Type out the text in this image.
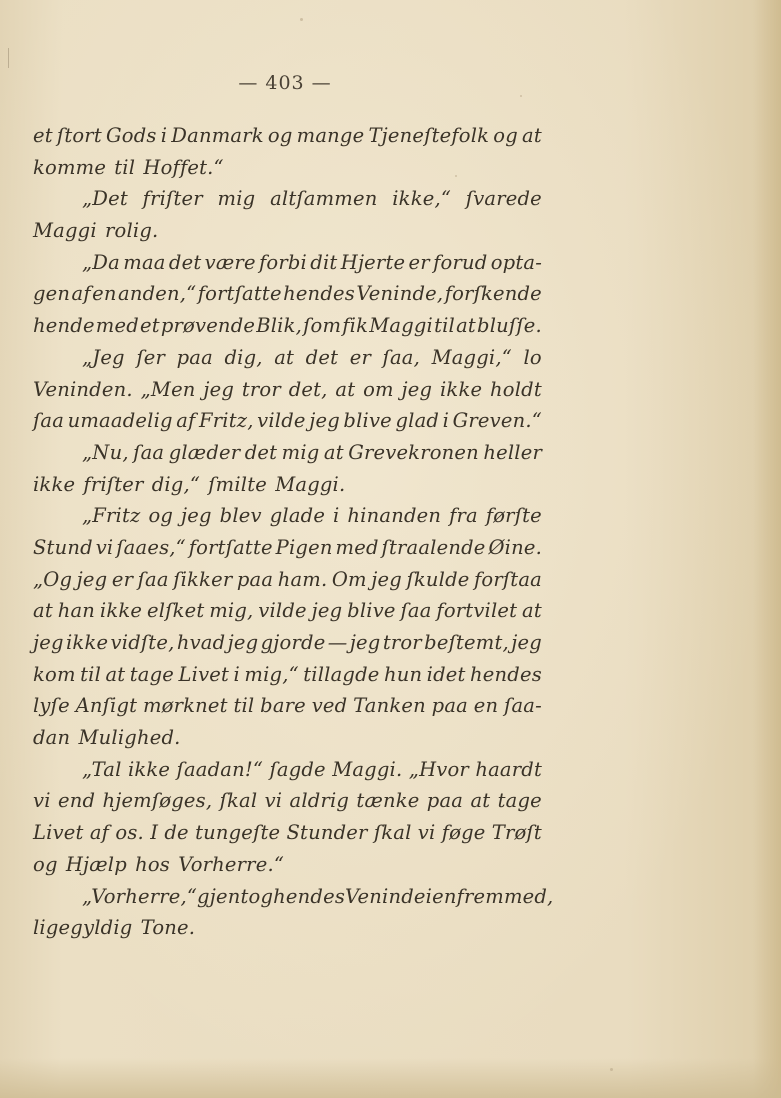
— 403 —
et ſtort Gods i Danmark og mange Tjeneſtefolk og at
komme til Hoffet.“
„Det friſter mig altſammen ikke,“ ſvarede
Maggi rolig.
„Da maa det være forbi dit Hjerte er forud opta-
gen af en anden,“ fortſatte hendes Veninde, forſkende
hende med et prøvende Blik, ſom fik Maggi til at bluſſe.
„Jeg ſer paa dig, at det er ſaa, Maggi,“ lo
Veninden. „Men jeg tror det, at om jeg ikke holdt
ſaa umaadelig af Fritz, vilde jeg blive glad i Greven.“
„Nu, ſaa glæder det mig at Grevekronen heller
ikke friſter dig,“ ſmilte Maggi.
„Fritz og jeg blev glade i hinanden fra førſte
Stund vi ſaaes,“ fortſatte Pigen med ſtraalende Øine.
„Og jeg er ſaa ſikker paa ham. Om jeg ſkulde forſtaa
at han ikke elſket mig, vilde jeg blive ſaa fortvilet at
jeg ikke vidſte, hvad jeg gjorde — jeg tror beſtemt, jeg
kom til at tage Livet i mig,“ tillagde hun idet hendes
lyſe Anſigt mørknet til bare ved Tanken paa en ſaa-
dan Mulighed.
„Tal ikke ſaadan!“ ſagde Maggi. „Hvor haardt
vi end hjemſøges, ſkal vi aldrig tænke paa at tage
Livet af os. I de tungeſte Stunder ſkal vi føge Trøſt
og Hjælp hos Vorherre.“
„Vorherre,“ gjentog hendes Veninde i en fremmed,
ligegyldig Tone.
